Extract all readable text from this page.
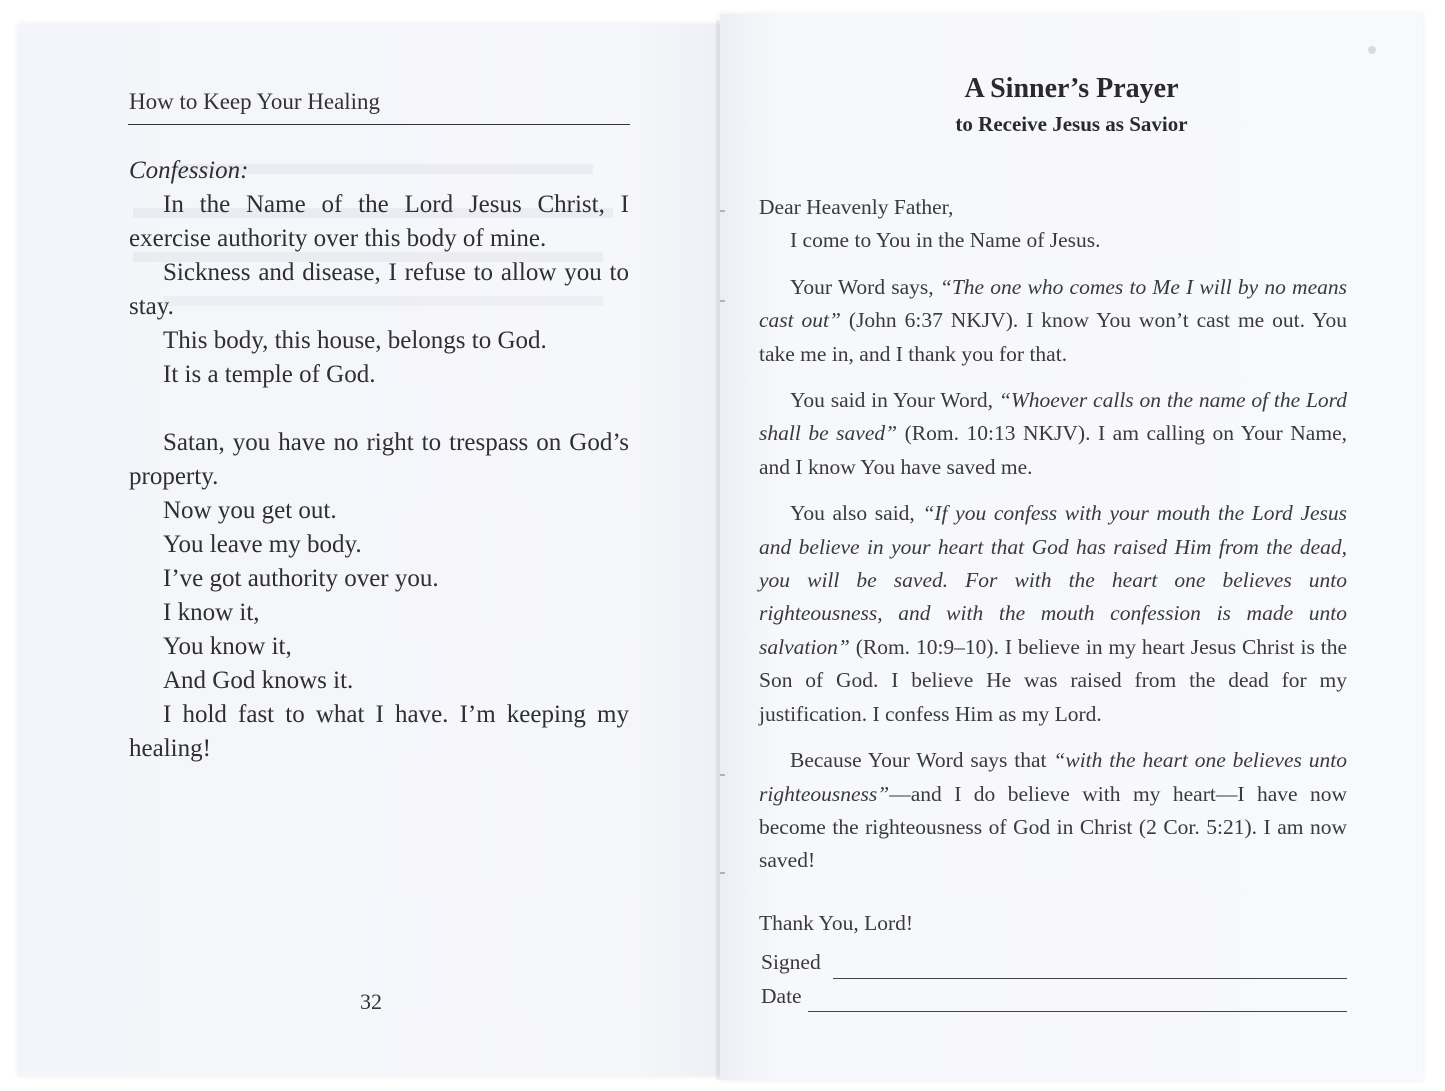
How to Keep Your Healing

Confession:

In the Name of the Lord Jesus Christ, I exercise authority over this body of mine.

Sickness and disease, I refuse to allow you to stay.

This body, this house, belongs to God.

It is a temple of God.

Satan, you have no right to trespass on God’s property.

Now you get out.

You leave my body.

I’ve got authority over you.

I know it,

You know it,

And God knows it.

I hold fast to what I have. I’m keeping my healing!

32
A Sinner’s Prayer
to Receive Jesus as Savior

Dear Heavenly Father,

I come to You in the Name of Jesus.

Your Word says, “The one who comes to Me I will by no means cast out” (John 6:37 NKJV). I know You won’t cast me out. You take me in, and I thank you for that.

You said in Your Word, “Whoever calls on the name of the Lord shall be saved” (Rom. 10:13 NKJV). I am calling on Your Name, and I know You have saved me.

You also said, “If you confess with your mouth the Lord Jesus and believe in your heart that God has raised Him from the dead, you will be saved. For with the heart one believes unto righteousness, and with the mouth confession is made unto salvation” (Rom. 10:9–10). I believe in my heart Jesus Christ is the Son of God. I believe He was raised from the dead for my justification. I confess Him as my Lord.

Because Your Word says that “with the heart one believes unto righteousness”—and I do believe with my heart—I have now become the righteousness of God in Christ (2 Cor. 5:21). I am now saved!

Thank You, Lord!

Signed
Date
